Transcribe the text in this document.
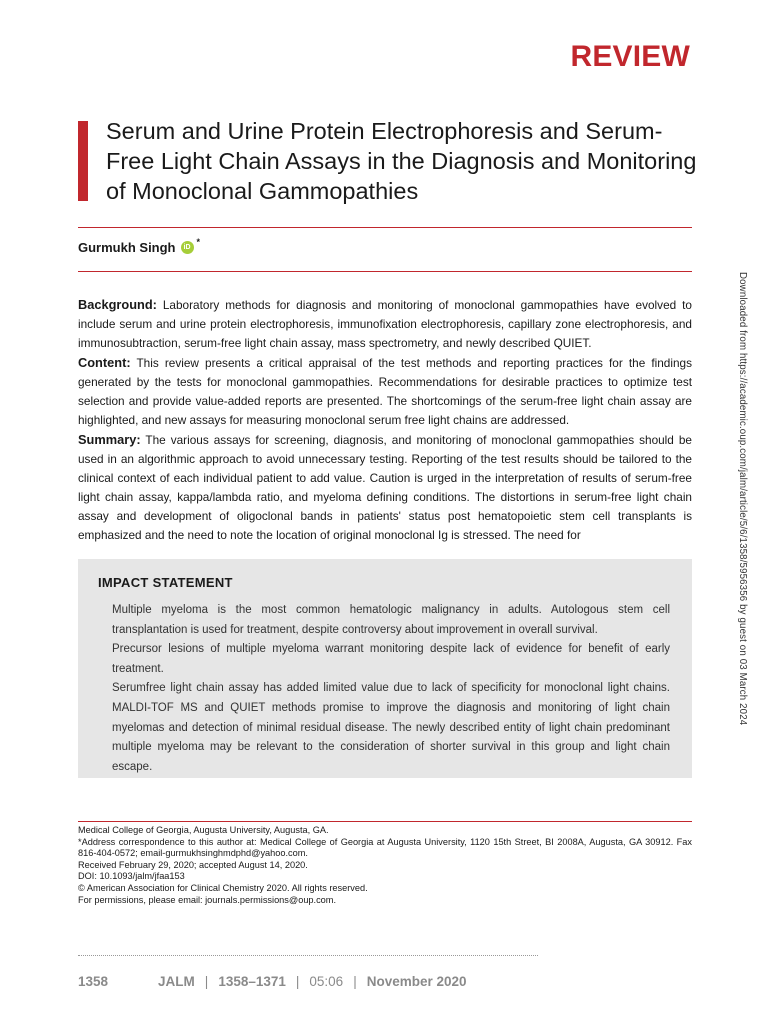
REVIEW
Serum and Urine Protein Electrophoresis and Serum-Free Light Chain Assays in the Diagnosis and Monitoring of Monoclonal Gammopathies
Gurmukh Singh	iD
*

Background: Laboratory methods for diagnosis and monitoring of monoclonal gammopathies have evolved to include serum and urine protein electrophoresis, immunofixation electrophoresis, capillary zone electrophoresis, and immunosubtraction, serum-free light chain assay, mass spectrometry, and newly described QUIET.

Content: This review presents a critical appraisal of the test methods and reporting practices for the findings generated by the tests for monoclonal gammopathies. Recommendations for desirable practices to optimize test selection and provide value-added reports are presented. The shortcomings of the serum-free light chain assay are highlighted, and new assays for measuring monoclonal serum free light chains are addressed.

Summary: The various assays for screening, diagnosis, and monitoring of monoclonal gammopathies should be used in an algorithmic approach to avoid unnecessary testing. Reporting of the test results should be tailored to the clinical context of each individual patient to add value. Caution is urged in the interpretation of results of serum-free light chain assay, kappa/lambda ratio, and myeloma defining conditions. The distortions in serum-free light chain assay and development of oligoclonal bands in patients' status post hematopoietic stem cell transplants is emphasized and the need to note the location of original monoclonal Ig is stressed. The need for

IMPACT STATEMENT

Multiple myeloma is the most common hematologic malignancy in adults. Autologous stem cell transplantation is used for treatment, despite controversy about improvement in overall survival.

Precursor lesions of multiple myeloma warrant monitoring despite lack of evidence for benefit of early treatment.

Serumfree light chain assay has added limited value due to lack of specificity for monoclonal light chains. MALDI-TOF MS and QUIET methods promise to improve the diagnosis and monitoring of light chain myelomas and detection of minimal residual disease. The newly described entity of light chain predominant multiple myeloma may be relevant to the consideration of shorter survival in this group and light chain escape.

Medical College of Georgia, Augusta University, Augusta, GA.

*Address correspondence to this author at: Medical College of Georgia at Augusta University, 1120 15th Street, BI 2008A, Augusta, GA 30912. Fax 816-404-0572; email-gurmukhsinghmdphd@yahoo.com.

Received February 29, 2020; accepted August 14, 2020.

DOI: 10.1093/jalm/jfaa153

© American Association for Clinical Chemistry 2020. All rights reserved.

For permissions, please email: journals.permissions@oup.com.

1358	JALM | 1358–1371 | 05:06 | November 2020
Downloaded from https://academic.oup.com/jalm/article/5/6/1358/5956356 by guest on 03 March 2024
